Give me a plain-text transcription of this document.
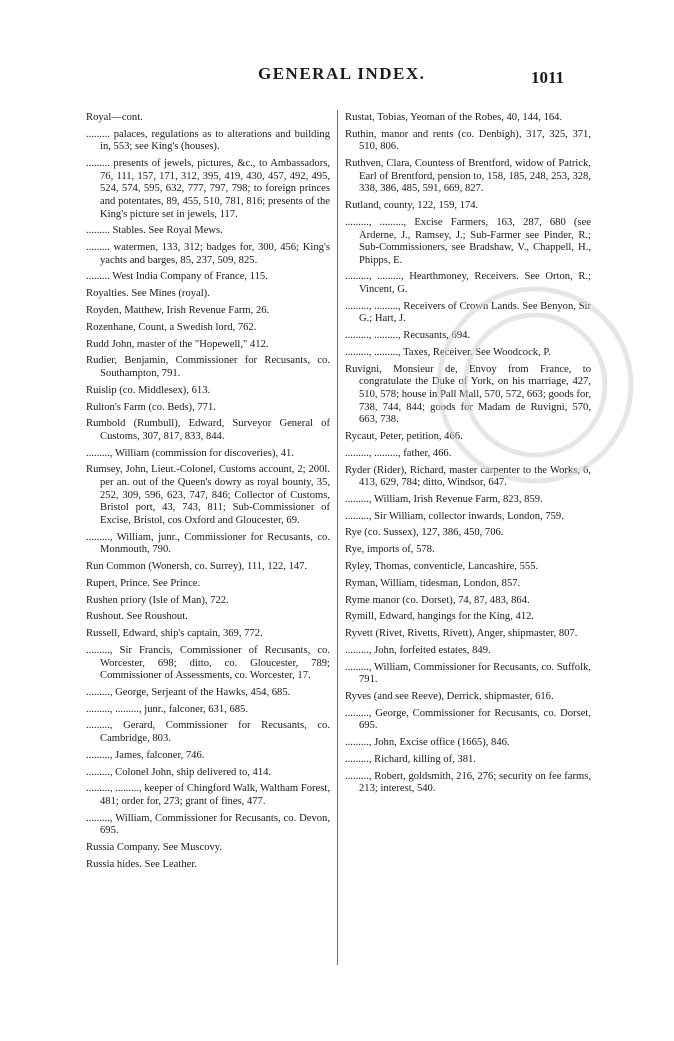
GENERAL INDEX.	1011
Royal—cont.
......... palaces, regulations as to alterations and building in, 553; see King's (houses).
......... presents of jewels, pictures, &c., to Ambassadors, 76, 111, 157, 171, 312, 395, 419, 430, 457, 492, 495, 524, 574, 595, 632, 777, 797, 798; to foreign princes and potentates, 89, 455, 510, 781, 816; presents of the King's picture set in jewels, 117.
......... Stables. See Royal Mews.
......... watermen, 133, 312; badges for, 300, 456; King's yachts and barges, 85, 237, 509, 825.
......... West India Company of France, 115.
Royalties. See Mines (royal).
Royden, Matthew, Irish Revenue Farm, 26.
Rozenhane, Count, a Swedish lord, 762.
Rudd John, master of the "Hopewell," 412.
Rudier, Benjamin, Commissioner for Recusants, co. Southampton, 791.
Ruislip (co. Middlesex), 613.
Rulton's Farm (co. Beds), 771.
Rumbold (Rumbull), Edward, Surveyor General of Customs, 307, 817, 833, 844.
........., William (commission for discoveries), 41.
Rumsey, John, Lieut.-Colonel, Customs account, 2; 200l. per an. out of the Queen's dowry as royal bounty, 35, 252, 309, 596, 623, 747, 846; Collector of Customs, Bristol port, 43, 743, 811; Sub-Commissioner of Excise, Bristol, cos Oxford and Gloucester, 69.
........., William, junr., Commissioner for Recusants, co. Monmouth, 790.
Run Common (Wonersh, co. Surrey), 111, 122, 147.
Rupert, Prince. See Prince.
Rushen priory (Isle of Man), 722.
Rushout. See Roushout.
Russell, Edward, ship's captain, 369, 772.
........., Sir Francis, Commissioner of Recusants, co. Worcester, 698; ditto, co. Gloucester, 789; Commissioner of Assessments, co. Worcester, 17.
........., George, Serjeant of the Hawks, 454, 685.
........., ........., junr., falconer, 631, 685.
........., Gerard, Commissioner for Recusants, co. Cambridge, 803.
........., James, falconer, 746.
........., Colonel John, ship delivered to, 414.
........., ........., keeper of Chingford Walk, Waltham Forest, 481; order for, 273; grant of fines, 477.
........., William, Commissioner for Recusants, co. Devon, 695.
Russia Company. See Muscovy.
Russia hides. See Leather.
Rustat, Tobias, Yeoman of the Robes, 40, 144, 164.
Ruthin, manor and rents (co. Denbigh), 317, 325, 371, 510, 806.
Ruthven, Clara, Countess of Brentford, widow of Patrick, Earl of Brentford, pension to, 158, 185, 248, 253, 328, 338, 386, 485, 591, 669, 827.
Rutland, county, 122, 159, 174.
........., ........., Excise Farmers, 163, 287, 680 (see Arderne, J., Ramsey, J.; Sub-Farmer see Pinder, R.; Sub-Commissioners, see Bradshaw, V., Chappell, H., Phipps, E.
........., ........., Hearthmoney, Receivers. See Orton, R.; Vincent, G.
........., ........., Receivers of Crown Lands. See Benyon, Sir G.; Hart, J.
........., ........., Recusants, 694.
........., ........., Taxes, Receiver. See Woodcock, P.
Ruvigni, Monsieur de, Envoy from France, to congratulate the Duke of York, on his marriage, 427, 510, 578; house in Pall Mall, 570, 572, 663; goods for, 738, 744, 844; goods for Madam de Ruvigni, 570, 663, 738.
Rycaut, Peter, petition, 466.
........., ........., father, 466.
Ryder (Rider), Richard, master carpenter to the Works, 6, 413, 629, 784; ditto, Windsor, 647.
........., William, Irish Revenue Farm, 823, 859.
........., Sir William, collector inwards, London, 759.
Rye (co. Sussex), 127, 386, 450, 706.
Rye, imports of, 578.
Ryley, Thomas, conventicle, Lancashire, 555.
Ryman, William, tidesman, London, 857.
Ryme manor (co. Dorset), 74, 87, 483, 864.
Rymill, Edward, hangings for the King, 412.
Ryvett (Rivet, Rivetts, Rivett), Anger, shipmaster, 807.
........., John, forfeited estates, 849.
........., William, Commissioner for Recusants, co. Suffolk, 791.
Ryves (and see Reeve), Derrick, shipmaster, 616.
........., George, Commissioner for Recusants, co. Dorset, 695.
........., John, Excise office (1665), 846.
........., Richard, killing of, 381.
........., Robert, goldsmith, 216, 276; security on fee farms, 213; interest, 540.
